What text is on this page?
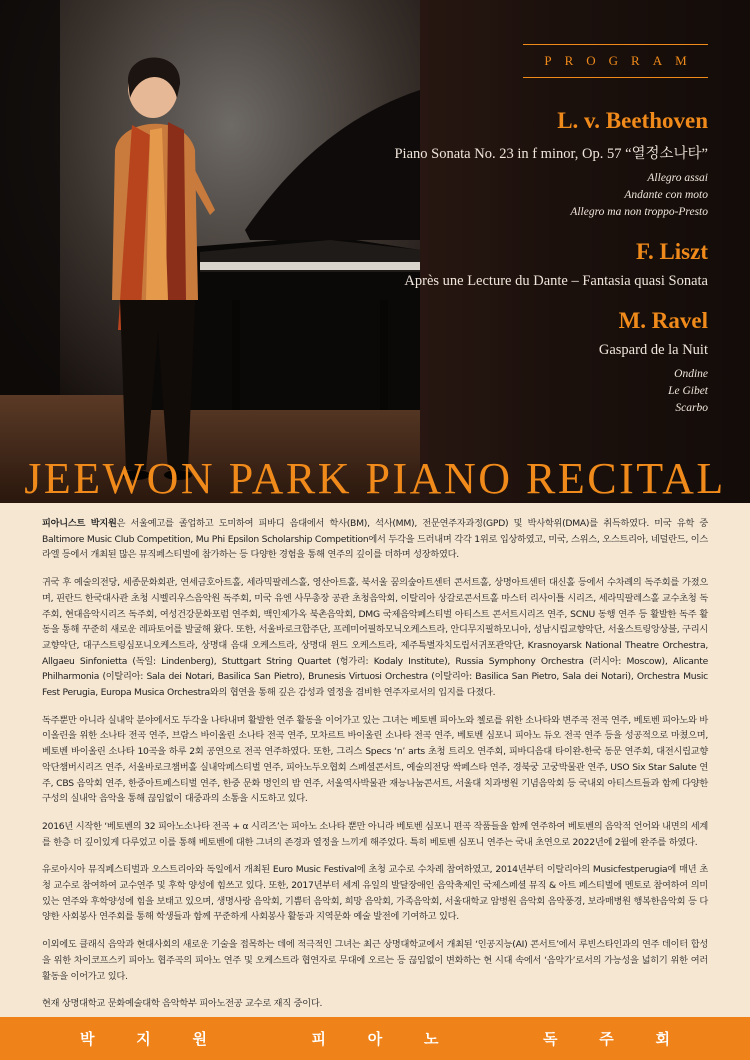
PROGRAM
L. v. Beethoven
Piano Sonata No. 23 in f minor, Op. 57 “열정소나타”
Allegro assai
Andante con moto
Allegro ma non troppo-Presto
F. Liszt
Après une Lecture du Dante – Fantasia quasi Sonata
M. Ravel
Gaspard de la Nuit
Ondine
Le Gibet
Scarbo
JEEWON PARK PIANO RECITAL

피아니스트 박지원은 서울예고를 졸업하고 도미하여 피바디 음대에서 학사(BM), 석사(MM), 전문연주자과정(GPD) 및 박사학위(DMA)를 취득하였다. 미국 유학 중 Baltimore Music Club Competition, Mu Phi Epsilon Scholarship Competition에서 두각을 드러내며 각각 1위로 입상하였고, 미국, 스위스, 오스트리아, 네덜란드, 이스라엘 등에서 개최된 많은 뮤직페스티벌에 참가하는 등 다양한 경험을 통해 연주의 깊이를 더하며 성장하였다.

귀국 후 예술의전당, 세종문화회관, 연세금호아트홀, 세라믹팔레스홀, 영산아트홀, 북서울 꿈의숲아트센터 콘서트홀, 상명아트센터 대신홀 등에서 수차례의 독주회를 가졌으며, 핀란드 한국대사관 초청 시벨리우스음악원 독주회, 미국 유엔 사무총장 공관 초청음악회, 이탈리아 상갈로콘서트홀 마스터 리사이틀 시리즈, 세라믹팔레스홀 교수초청 독주회, 현대음악시리즈 독주회, 여성건강문화포럼 연주회, 백인제가옥 북촌음악회, DMG 국제음악페스티벌 아티스트 콘서트시리즈 연주, SCNU 동행 연주 등 활발한 독주 활동을 통해 꾸준히 새로운 레파토어를 발굴해 왔다. 또한, 서울바로크합주단, 프레미어필하모닉오케스트라, 안디무지필하모니아, 성남시립교향악단, 서울스트링앙상블, 구리시교향악단, 대구스트링심포니오케스트라, 상명대 음대 오케스트라, 상명대 윈드 오케스트라, 제주특별자치도립서귀포관악단, Krasnoyarsk National Theatre Orchestra, Allgaeu Sinfonietta (독일: Lindenberg), Stuttgart String Quartet (헝가리: Kodaly Institute), Russia Symphony Orchestra (러시아: Moscow), Alicante Philharmonia (이탈리아: Sala dei Notari, Basilica San Pietro), Brunesis Virtuosi Orchestra (이탈리아: Basilica San Pietro, Sala dei Notari), Orchestra Music Fest Perugia, Europa Musica Orchestra와의 협연을 통해 깊은 감성과 열정을 겸비한 연주자로서의 입지를 다졌다.

독주뿐만 아니라 실내악 분야에서도 두각을 나타내며 활발한 연주 활동을 이어가고 있는 그녀는 베토벤 피아노와 첼로를 위한 소나타와 변주곡 전곡 연주, 베토벤 피아노와 바이올린을 위한 소나타 전곡 연주, 브람스 바이올린 소나타 전곡 연주, 모차르트 바이올린 소나타 전곡 연주, 베토벤 심포니 피아노 듀오 전곡 연주 등을 성공적으로 마쳤으며, 베토벤 바이올린 소나타 10곡을 하루 2회 공연으로 전곡 연주하였다. 또한, 그리스 Specs ‘n’ arts 초청 트리오 연주회, 피바디음대 타이완-한국 동문 연주회, 대전시립교향악단챔버시리즈 연주, 서울바로크챔버홀 실내악페스티벌 연주, 피아노두오협회 스페셜콘서트, 예술의전당 싹페스타 연주, 경북궁 고궁박물관 연주, USO Six Star Salute 연주, CBS 음악회 연주, 한중아트페스티벌 연주, 한중 문화 명인의 밤 연주, 서울역사박물관 재능나눔콘서트, 서울대 치과병원 기념음악회 등 국내외 아티스트들과 함께 다양한 구성의 실내악 음악을 통해 끊임없이 대중과의 소통을 시도하고 있다.

2016년 시작한 ‘베토벤의 32 피아노소나타 전곡 + α 시리즈’는 피아노 소나타 뿐만 아니라 베토벤 심포니 편곡 작품들을 함께 연주하여 베토벤의 음악적 언어와 내면의 세계를 한층 더 깊이있게 다루었고 이를 통해 베토벤에 대한 그녀의 존경과 열정을 느끼게 해주었다. 특히 베토벤 심포니 연주는 국내 초연으로 2022년에 2월에 완주를 하였다.

유로아시아 뮤직페스티벌과 오스트리아와 독일에서 개최된 Euro Music Festival에 초청 교수로 수차례 참여하였고, 2014년부터 이탈리아의 Musicfestperugia에 매년 초청 교수로 참여하여 교수연주 및 후학 양성에 힘쓰고 있다. 또한, 2017년부터 세계 유일의 발달장애인 음악축제인 국제스페셜 뮤직 & 아트 페스티벌에 멘토로 참여하여 의미있는 연주와 후학양성에 힘을 보태고 있으며, 생명사랑 음악회, 기쁨터 음악회, 희망 음악회, 가족음악회, 서울대학교 암병원 음악회 음악풍경, 보라매병원 행복한음악회 등 다양한 사회봉사 연주회를 통해 학생들과 함께 꾸준하게 사회봉사 활동과 지역문화 예술 발전에 기여하고 있다.

이외에도 클래식 음악과 현대사회의 새로운 기술을 접목하는 데에 적극적인 그녀는 최근 상명대학교에서 개최된 ‘인공지능(AI) 콘서트’에서 루빈스타인과의 연주 데이터 합성을 위한 차이코프스키 피아노 협주곡의 피아노 연주 및 오케스트라 협연자로 무대에 오르는 등 끊임없이 변화하는 현 시대 속에서 ‘음악가’로서의 가능성을 넓히기 위한 여러 활동을 이어가고 있다.

현재 상명대학교 문화예술대학 음악학부 피아노전공 교수로 재직 중이다.

박        지        원                    피        아        노                    독        주        회
